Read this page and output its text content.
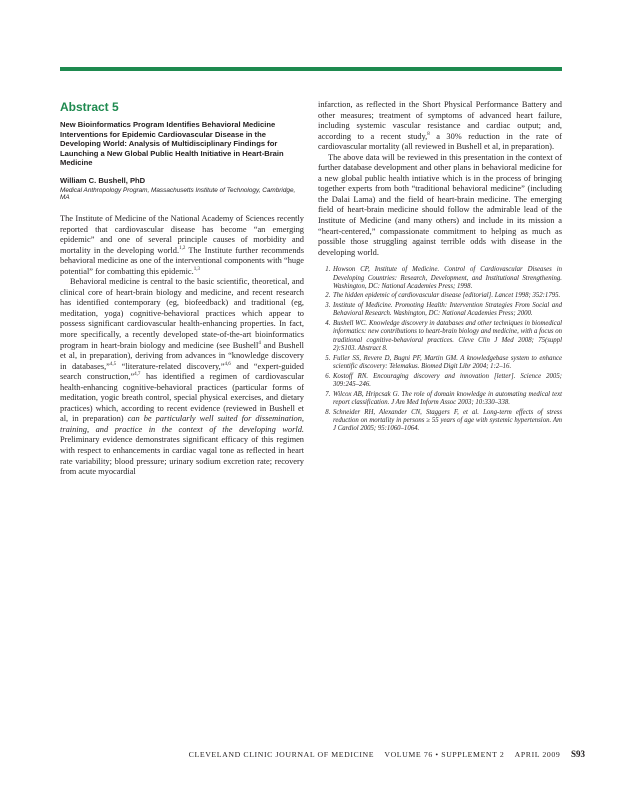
Abstract 5
New Bioinformatics Program Identifies Behavioral Medicine Interventions for Epidemic Cardiovascular Disease in the Developing World: Analysis of Multidisciplinary Findings for Launching a New Global Public Health Initiative in Heart-Brain Medicine
William C. Bushell, PhD
Medical Anthropology Program, Massachusetts Institute of Technology, Cambridge, MA

The Institute of Medicine of the National Academy of Sciences recently reported that cardiovascular disease has become “an emerging epidemic” and one of several principle causes of morbidity and mortality in the developing world.$^{1,2}$ The Institute further recommends behavioral medicine as one of the interventional components with “huge potential” for combatting this epidemic.$^{1,3}$

Behavioral medicine is central to the basic scientific, theoretical, and clinical core of heart-brain biology and medicine, and recent research has identified contemporary (eg, biofeedback) and traditional (eg, meditation, yoga) cognitive-behavioral practices which appear to possess significant cardiovascular health-enhancing properties. In fact, more specifically, a recently developed state-of-the-art bioinformatics program in heart-brain biology and medicine (see Bushell$^4$ and Bushell et al, in preparation), deriving from advances in “knowledge discovery in databases,”$^{4,5}$ “literature-related discovery,”$^{4,6}$ and “expert-guided search construction,”$^{4,7}$ has identified a regimen of cardiovascular health-enhancing cognitive-behavioral practices (particular forms of meditation, yogic breath control, special physical exercises, and dietary practices) which, according to recent evidence (reviewed in Bushell et al, in preparation) can be particularly well suited for dissemination, training, and practice in the context of the developing world. Preliminary evidence demonstrates significant efficacy of this regimen with respect to enhancements in cardiac vagal tone as reflected in heart rate variability; blood pressure; urinary sodium excretion rate; recovery from acute myocardial

infarction, as reflected in the Short Physical Performance Battery and other measures; treatment of symptoms of advanced heart failure, including systemic vascular resistance and cardiac output; and, according to a recent study,$^8$ a 30% reduction in the rate of cardiovascular mortality (all reviewed in Bushell et al, in preparation).

The above data will be reviewed in this presentation in the context of further database development and other plans in behavioral medicine for a new global public health intiative which is in the process of bringing together experts from both “traditional behavioral medicine” (including the Dalai Lama) and the field of heart-brain medicine. The emerging field of heart-brain medicine should follow the admirable lead of the Institute of Medicine (and many others) and include in its mission a “heart-centered,” compassionate commitment to helping as much as possible those struggling against terrible odds with disease in the developing world.

1. Howson CP, Institute of Medicine. Control of Cardiovascular Diseases in Developing Countries: Research, Development, and Institutional Strengthening. Washington, DC: National Academies Press; 1998.
2. The hidden epidemic of cardiovascular disease [editorial]. Lancet 1998; 352:1795.
3. Institute of Medicine. Promoting Health: Intervention Strategies From Social and Behavioral Research. Washington, DC: National Academies Press; 2000.
4. Bushell WC. Knowledge discovery in databases and other techniques in biomedical informatics: new contributions to heart-brain biology and medicine, with a focus on traditional cognitive-behavioral practices. Cleve Clin J Med 2008; 75(suppl 2):S103. Abstract 8.
5. Fuller SS, Revere D, Bugni PF, Martin GM. A knowledgebase system to enhance scientific discovery: Telemakus. Biomed Digit Libr 2004; 1:2–16.
6. Kostoff RN. Encouraging discovery and innovation [letter]. Science 2005; 309:245–246.
7. Wilcox AB, Hripcsak G. The role of domain knowledge in automating medical text report classification. J Am Med Inform Assoc 2003; 10:330–338.
8. Schneider RH, Alexander CN, Staggers F, et al. Long-term effects of stress reduction on mortality in persons ≥ 55 years of age with systemic hypertension. Am J Cardiol 2005; 95:1060–1064.
CLEVELAND CLINIC JOURNAL OF MEDICINE VOLUME 76 • SUPPLEMENT 2 APRIL 2009 S93
